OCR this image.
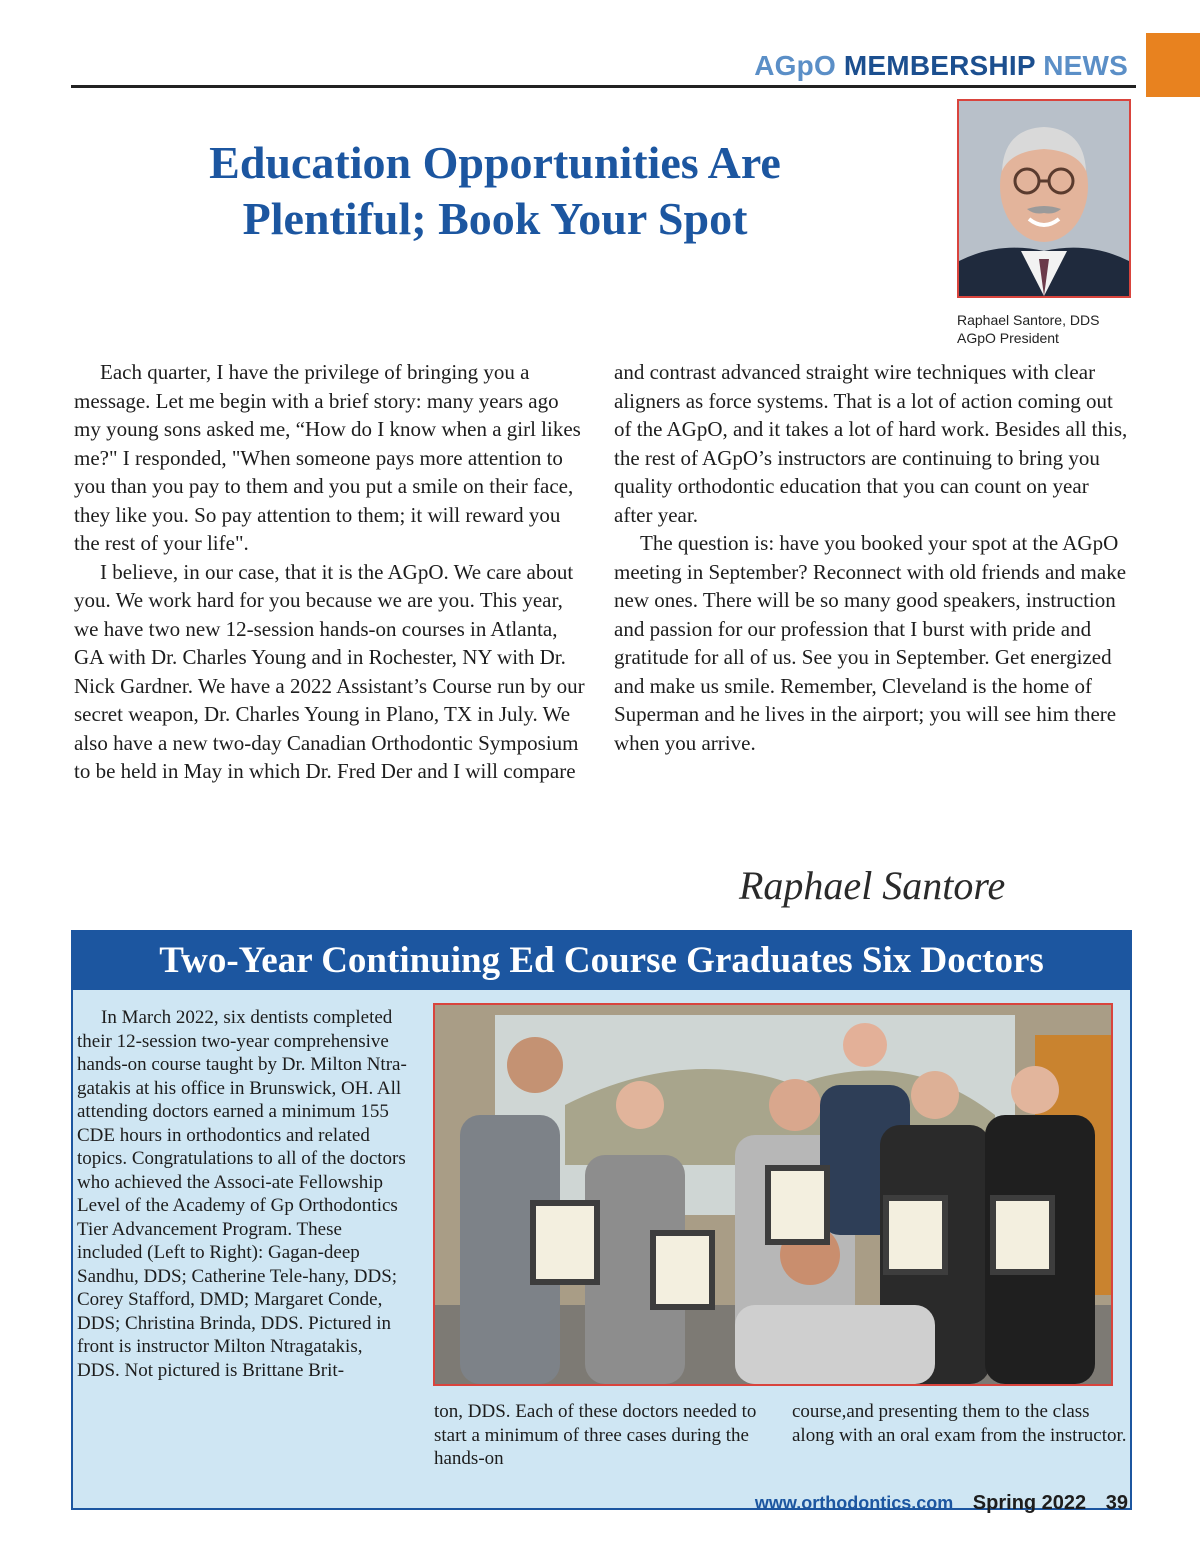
AGpO MEMBERSHIP NEWS
Education Opportunities Are
Plentiful; Book Your Spot
Raphael Santore, DDS
AGpO President

Each quarter, I have the privilege of bringing you a message. Let me begin with a brief story: many years ago my young sons asked me, “How do I know when a girl likes me?" I responded, "When someone pays more attention to you than you pay to them and you put a smile on their face, they like you. So pay attention to them; it will reward you the rest of your life".

I believe, in our case, that it is the AGpO. We care about you. We work hard for you because we are you. This year, we have two new 12-session hands-on courses in Atlanta, GA with Dr. Charles Young and in Rochester, NY with Dr. Nick Gardner. We have a 2022 Assistant’s Course run by our secret weapon, Dr. Charles Young in Plano, TX in July. We also have a new two-day Canadian Orthodontic Symposium to be held in May in which Dr. Fred Der and I will compare

and contrast advanced straight wire techniques with clear aligners as force systems. That is a lot of action coming out of the AGpO, and it takes a lot of hard work. Besides all this, the rest of AGpO’s instructors are continuing to bring you quality orthodontic education that you can count on year after year.

The question is: have you booked your spot at the AGpO meeting in September? Reconnect with old friends and make new ones. There will be so many good speakers, instruction and passion for our profession that I burst with pride and gratitude for all of us. See you in September. Get energized and make us smile. Remember, Cleveland is the home of Superman and he lives in the airport; you will see him there when you arrive.

Raphael Santore
Two-Year Continuing Ed Course Graduates Six Doctors

In March 2022, six dentists completed their 12-session two-year comprehensive hands-on course taught by Dr. Milton Ntra-gatakis at his office in Brunswick, OH. All attending doctors earned a minimum 155 CDE hours in orthodontics and related topics. Congratulations to all of the doctors who achieved the Associ-ate Fellowship Level of the Academy of Gp Orthodontics Tier Advancement Program. These included (Left to Right): Gagan-deep Sandhu, DDS; Catherine Tele-hany, DDS; Corey Stafford, DMD; Margaret Conde, DDS; Christina Brinda, DDS. Pictured in front is instructor Milton Ntragatakis, DDS. Not pictured is Brittane Brit-

ton, DDS. Each of these doctors needed to start a minimum of three cases during the hands-on

course,and presenting them to the class along with an oral exam from the instructor.

www.orthodontics.com Spring 2022 39
